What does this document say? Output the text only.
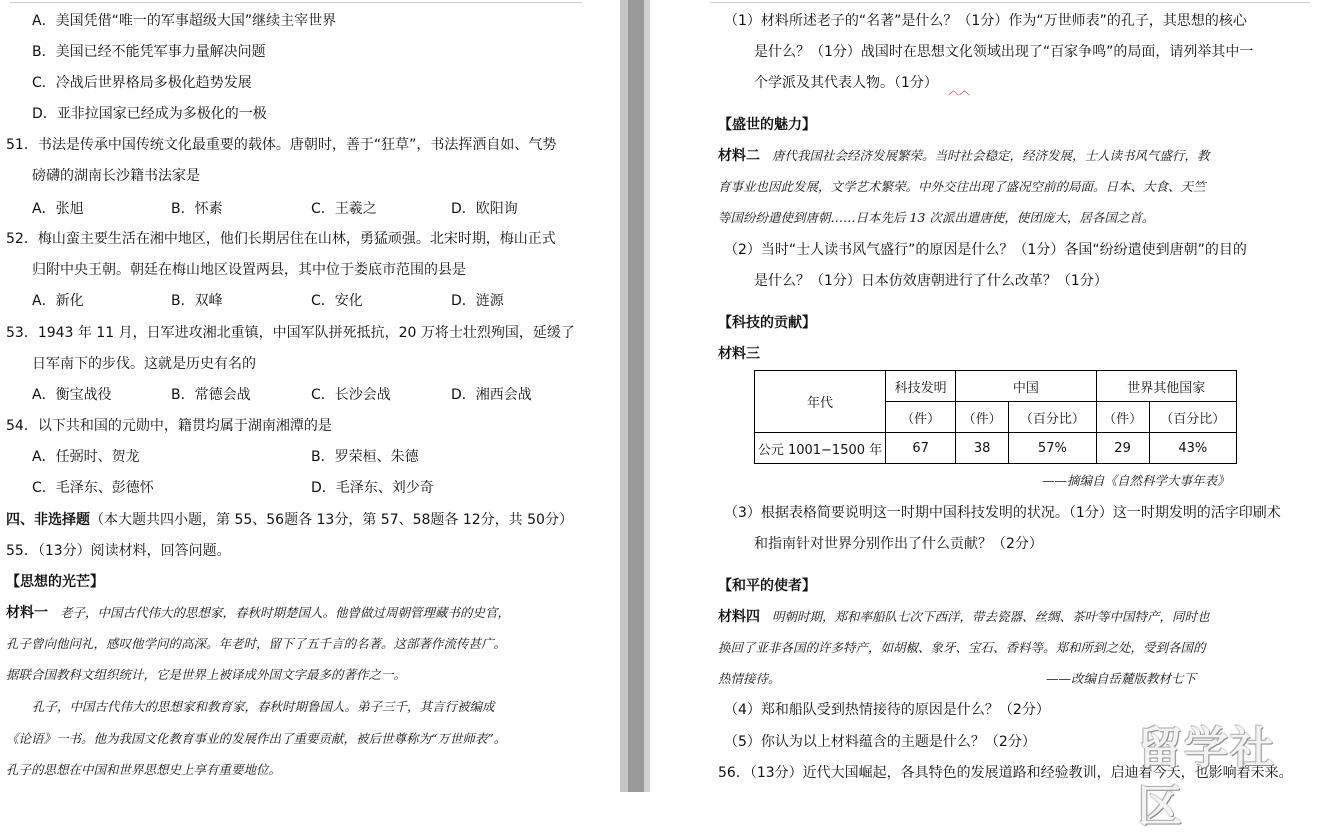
A．美国凭借“唯一的军事超级大国”继续主宰世界
B．美国已经不能凭军事力量解决问题
C．冷战后世界格局多极化趋势发展
D．亚非拉国家已经成为多极化的一极
51．书法是传承中国传统文化最重要的载体。唐朝时，善于“狂草”，书法挥洒自如、气势
磅礴的湖南长沙籍书法家是
A．张旭	B．怀素	C．王羲之	D．欧阳询
52．梅山蛮主要生活在湘中地区，他们长期居住在山林，勇猛顽强。北宋时期，梅山正式
归附中央王朝。朝廷在梅山地区设置两县，其中位于娄底市范围的县是
A．新化	B．双峰	C．安化	D．涟源
53．1943 年 11 月，日军进攻湘北重镇，中国军队拼死抵抗，20 万将士壮烈殉国，延缓了
日军南下的步伐。这就是历史有名的
A．衡宝战役	B．常德会战	C．长沙会战	D．湘西会战
54．以下共和国的元勋中，籍贯均属于湖南湘潭的是
A．任弼时、贺龙	B．罗荣桓、朱德
C．毛泽东、彭德怀	D．毛泽东、刘少奇
四、非选择题（本大题共四小题，第 55、56题各 13分，第 57、58题各 12分，共 50分）
55．（13分）阅读材料，回答问题。
【思想的光芒】
材料一 老子，中国古代伟大的思想家，春秋时期楚国人。他曾做过周朝管理藏书的史官，
孔子曾向他问礼，感叹他学问的高深。年老时，留下了五千言的名著。这部著作流传甚广。
据联合国教科文组织统计，它是世界上被译成外国文字最多的著作之一。
孔子，中国古代伟大的思想家和教育家，春秋时期鲁国人。弟子三千，其言行被编成
《论语》一书。他为我国文化教育事业的发展作出了重要贡献，被后世尊称为“万世师表”。
孔子的思想在中国和世界思想史上享有重要地位。
（1）材料所述老子的“名著”是什么？（1分）作为“万世师表”的孔子，其思想的核心
是什么？（1分）战国时在思想文化领域出现了“百家争鸣”的局面，请列举其中一
个学派及其代表人物。（1分） ︿︿
【盛世的魅力】
材料二 唐代我国社会经济发展繁荣。当时社会稳定，经济发展，士人读书风气盛行，教
育事业也因此发展，文学艺术繁荣。中外交往出现了盛况空前的局面。日本、大食、天竺
等国纷纷遣使到唐朝……日本先后 13 次派出遣唐使，使团庞大，居各国之首。
（2）当时“士人读书风气盛行”的原因是什么？（1分）各国“纷纷遣使到唐朝”的目的
是什么？（1分）日本仿效唐朝进行了什么改革？（1分）
【科技的贡献】
材料三
年代	科技发明	中国		世界其他国家	
	（件）	（件）	（百分比）	（件）	（百分比）
公元 1001−1500 年	67	38	57%	29	43%
——摘编自《自然科学大事年表》
（3）根据表格简要说明这一时期中国科技发明的状况。（1分）这一时期发明的活字印刷术
和指南针对世界分别作出了什么贡献？（2分）
【和平的使者】
材料四 明朝时期，郑和率船队七次下西洋，带去瓷器、丝绸、茶叶等中国特产，同时也
换回了亚非各国的许多特产，如胡椒、象牙、宝石、香料等。郑和所到之处，受到各国的
热情接待。	——改编自岳麓版教材七下
（4）郑和船队受到热情接待的原因是什么？（2分）
（5）你认为以上材料蕴含的主题是什么？（2分）
56．（13分）近代大国崛起，各具特色的发展道路和经验教训，启迪着今天，也影响着未来。
留学社区
